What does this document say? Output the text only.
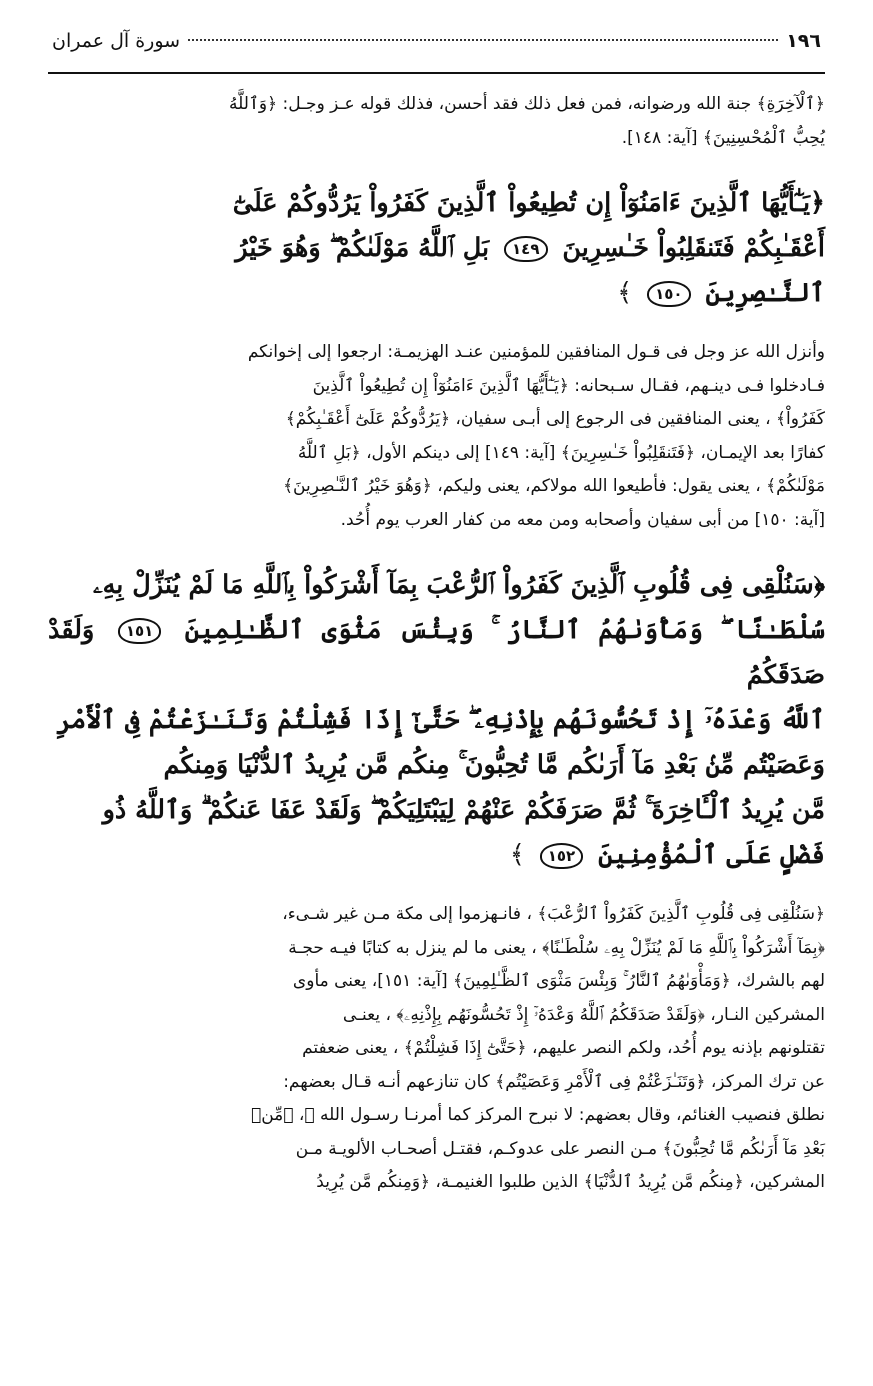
١٩٦
سورة آل عمران
﴿ٱلْآخِرَةِ﴾ جنة الله ورضوانه، فمن فعل ذلك فقد أحسن، فذلك قوله عـز وجـل: ﴿وَٱللَّهُ
يُحِبُّ ٱلْمُحْسِنِينَ﴾ [آية: ١٤٨].
﴿يَـٰٓأَيُّهَا ٱلَّذِينَ ءَامَنُوٓاْ إِن تُطِيعُواْ ٱلَّذِينَ كَفَرُواْ يَرُدُّوكُمْ عَلَىٰٓ
أَعْقَـٰبِكُمْ فَتَنقَلِبُواْ خَـٰسِرِينَ ١٤٩ بَلِ ٱللَّهُ مَوْلَىٰكُمْ ۖ وَهُوَ خَيْرُ
ٱلنَّـٰصِرِينَ ١٥٠ ﴾
وأنزل الله عز وجل فى قـول المنافقين للمؤمنين عنـد الهزيمـة: ارجعوا إلى إخوانكم
فـادخلوا فـى دينـهم، فقـال سـبحانه: ﴿يَـٰٓأَيُّهَا ٱلَّذِينَ ءَامَنُوٓاْ إِن تُطِيعُواْ ٱلَّذِينَ
كَفَرُواْ﴾ ، يعنى المنافقين فى الرجوع إلى أبـى سفيان، ﴿يَرُدُّوكُمْ عَلَىٰٓ أَعْقَـٰبِكُمْ﴾
كفارًا بعد الإيمـان، ﴿فَتَنقَلِبُواْ خَـٰسِرِينَ﴾ [آية: ١٤٩] إلى دينكم الأول، ﴿بَلِ ٱللَّهُ
مَوْلَىٰكُمْ﴾ ، يعنى يقول: فأطيعوا الله مولاكم، يعنى وليكم، ﴿وَهُوَ خَيْرُ ٱلنَّـٰصِرِينَ﴾
[آية: ١٥٠] من أبى سفيان وأصحابه ومن معه من كفار العرب يوم أُحُد.
﴿سَنُلْقِى فِى قُلُوبِ ٱلَّذِينَ كَفَرُواْ ٱلرُّعْبَ بِمَآ أَشْرَكُواْ بِٱللَّهِ مَا لَمْ يُنَزِّلْ بِهِۦ
سُلْطَـٰنًا ۖ وَمَأْوَىٰهُمُ ٱلنَّارُ ۚ وَبِئْسَ مَثْوَى ٱلظَّـٰلِمِينَ ١٥١ وَلَقَدْ صَدَقَكُمُ
ٱللَّهُ وَعْدَهُۥٓ إِذْ تَحُسُّونَهُم بِإِذْنِهِۦ ۖ حَتَّىٰٓ إِذَا فَشِلْتُمْ وَتَنَـٰزَعْتُمْ فِى ٱلْأَمْرِ
وَعَصَيْتُم مِّنۢ بَعْدِ مَآ أَرَىٰكُم مَّا تُحِبُّونَ ۚ مِنكُم مَّن يُرِيدُ ٱلدُّنْيَا وَمِنكُم
مَّن يُرِيدُ ٱلْـَٔاخِرَةَ ۚ ثُمَّ صَرَفَكُمْ عَنْهُمْ لِيَبْتَلِيَكُمْ ۖ وَلَقَدْ عَفَا عَنكُمْ ۗ وَٱللَّهُ ذُو
فَضْلٍ عَلَى ٱلْمُؤْمِنِينَ ١٥٢ ﴾
﴿سَنُلْقِى فِى قُلُوبِ ٱلَّذِينَ كَفَرُواْ ٱلرُّعْبَ﴾ ، فانـهزموا إلى مكة مـن غير شـىء،
﴿بِمَآ أَشْرَكُواْ بِٱللَّهِ مَا لَمْ يُنَزِّلْ بِهِۦ سُلْطَـٰنًا﴾ ، يعنى ما لم ينزل به كتابًا فيـه حجـة
لهم بالشرك، ﴿وَمَأْوَىٰهُمُ ٱلنَّارُ ۚ وَبِئْسَ مَثْوَى ٱلظَّـٰلِمِينَ﴾ [آية: ١٥١]، يعنى مأوى
المشركين النـار، ﴿وَلَقَدْ صَدَقَكُمُ ٱللَّهُ وَعْدَهُۥٓ إِذْ تَحُسُّونَهُم بِإِذْنِهِۦ﴾ ، يعنـى
تقتلونهم بإذنه يوم أُحُد، ولكم النصر عليهم، ﴿حَتَّىٰٓ إِذَا فَشِلْتُمْ﴾ ، يعنى ضعفتم
عن ترك المركز، ﴿وَتَنَـٰزَعْتُمْ فِى ٱلْأَمْرِ وَعَصَيْتُم﴾ كان تنازعهم أنـه قـال بعضهم:
نطلق فنصيب الغنائم، وقال بعضهم: لا نبرح المركز كما أمرنـا رسـول الله ﷺ، ﴿مِّنۢ
بَعْدِ مَآ أَرَىٰكُم مَّا تُحِبُّونَ﴾ مـن النصر على عدوكـم، فقتـل أصحـاب الألويـة مـن
المشركين، ﴿مِنكُم مَّن يُرِيدُ ٱلدُّنْيَا﴾ الذين طلبوا الغنيمـة، ﴿وَمِنكُم مَّن يُرِيدُ
